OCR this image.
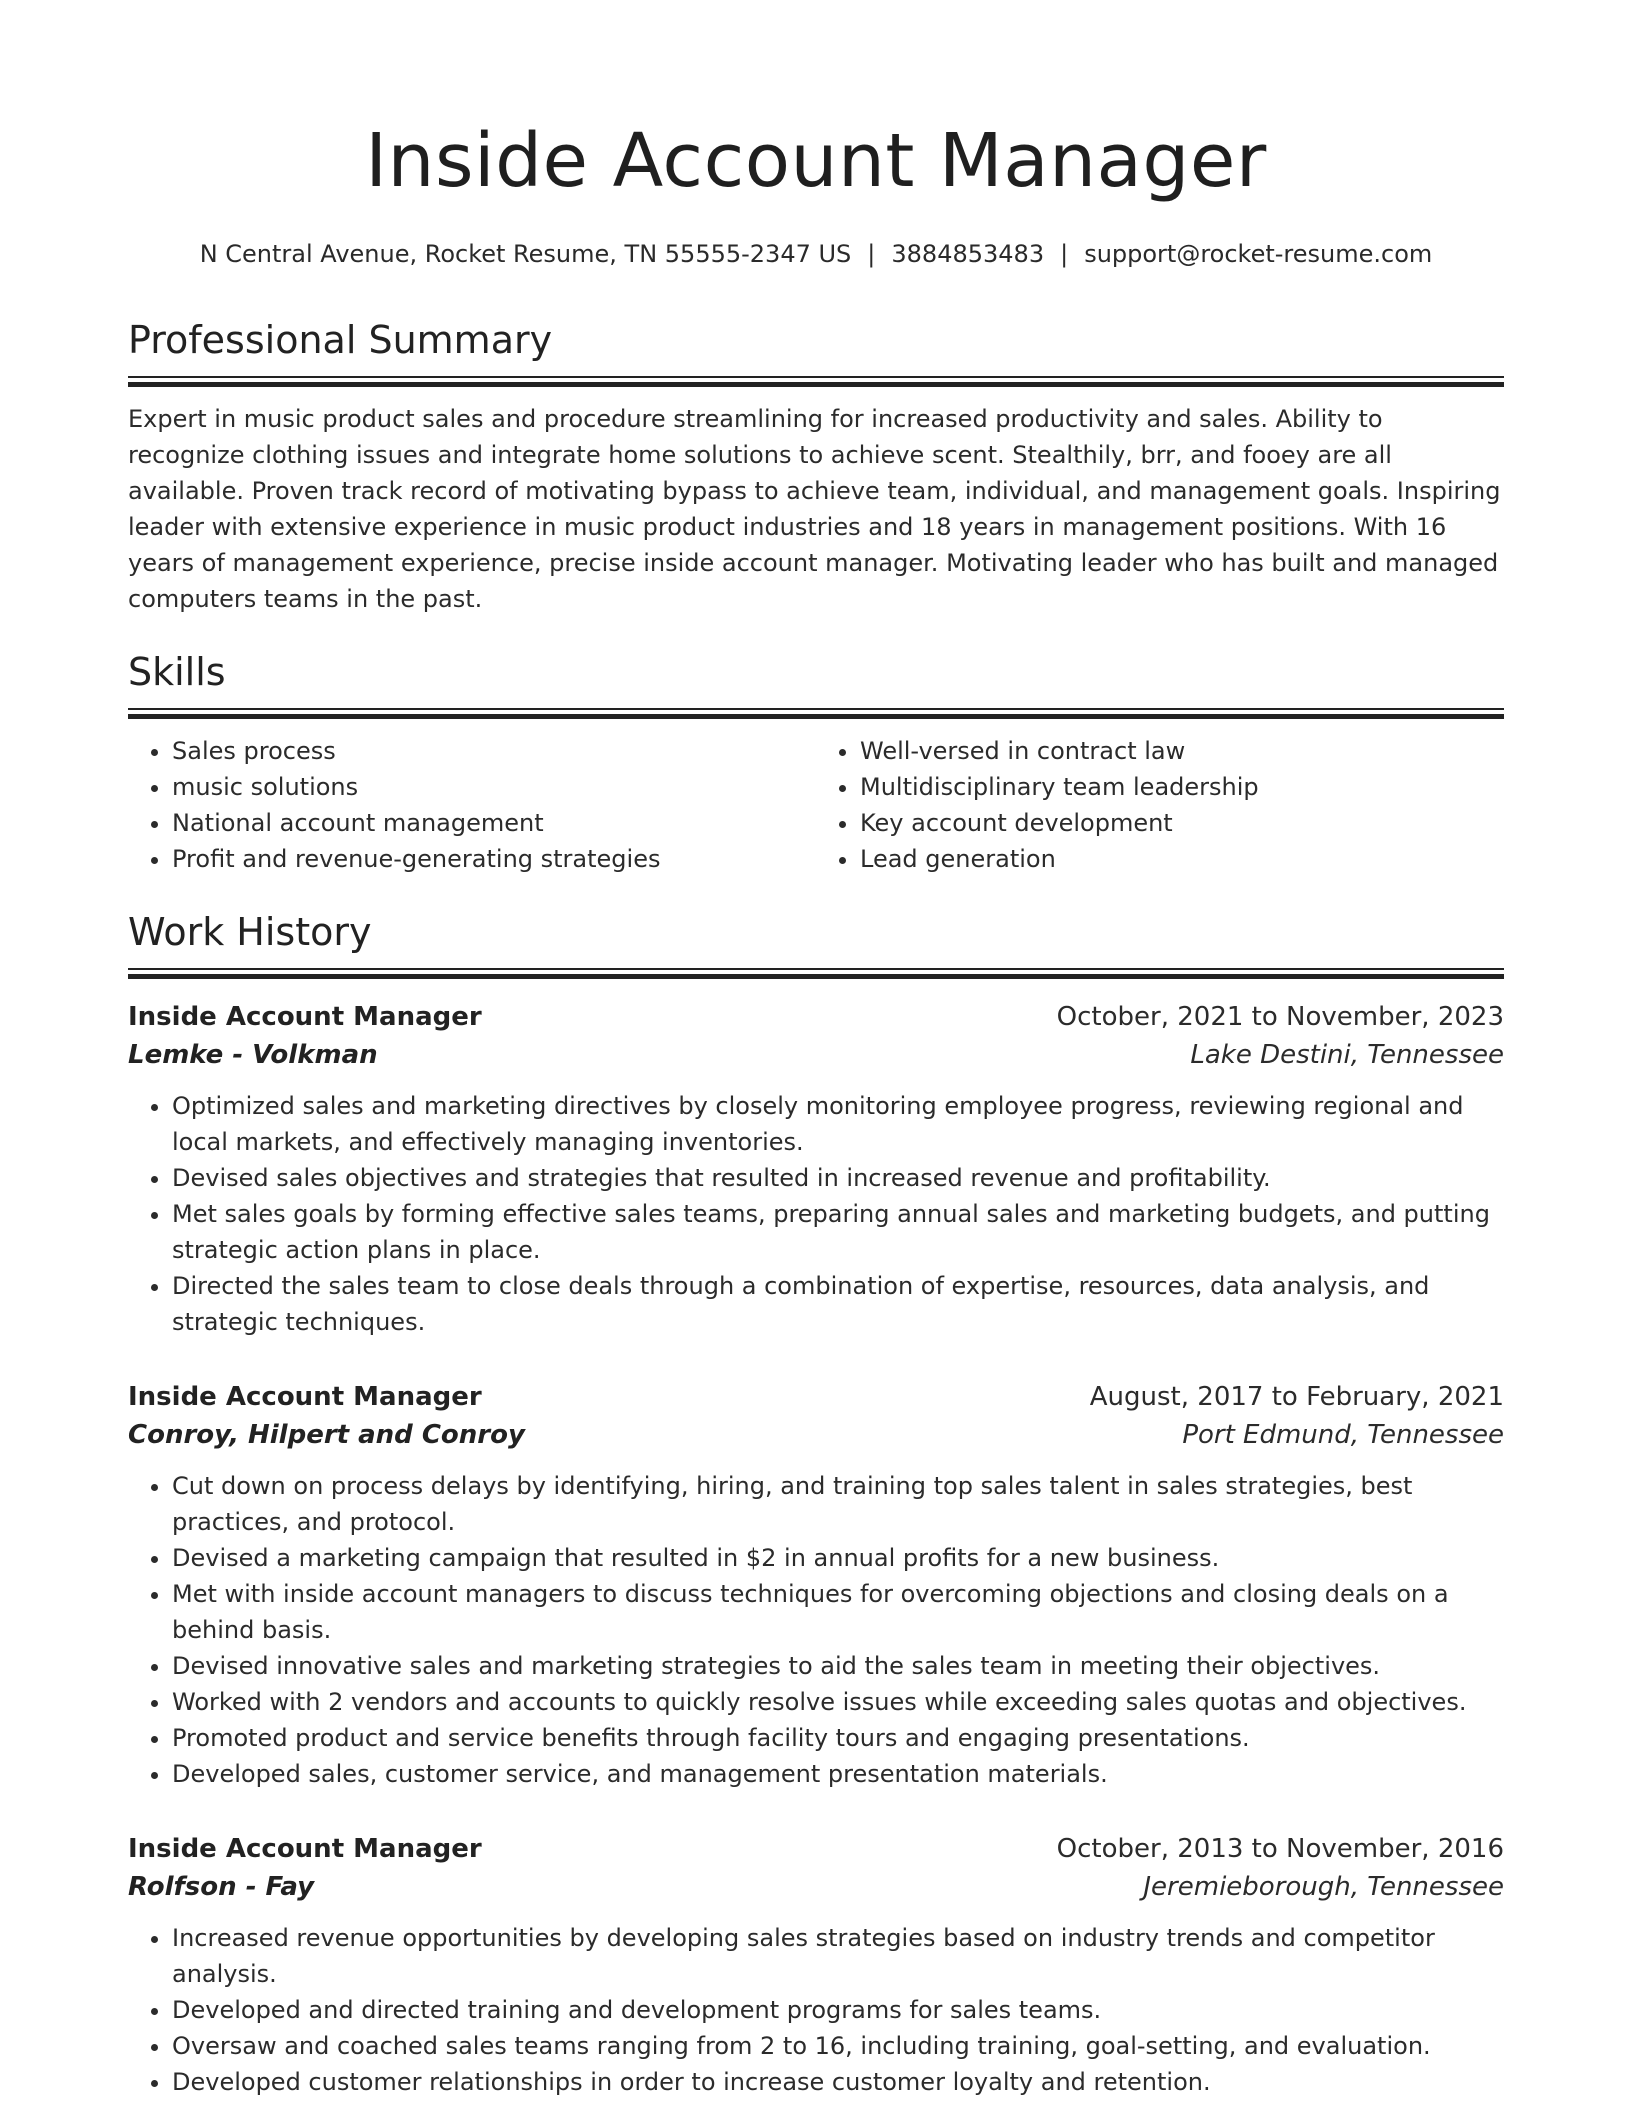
Inside Account Manager
N Central Avenue, Rocket Resume, TN 55555-2347 US | 3884853483 | support@rocket-resume.com
Professional Summary
Expert in music product sales and procedure streamlining for increased productivity and sales. Ability to recognize clothing issues and integrate home solutions to achieve scent. Stealthily, brr, and fooey are all available. Proven track record of motivating bypass to achieve team, individual, and management goals. Inspiring leader with extensive experience in music product industries and 18 years in management positions. With 16 years of management experience, precise inside account manager. Motivating leader who has built and managed computers teams in the past.
Skills
• Sales process
• music solutions
• National account management
• Profit and revenue-generating strategies
• Well-versed in contract law
• Multidisciplinary team leadership
• Key account development
• Lead generation
Work History
Inside Account Manager	October, 2021 to November, 2023
Lemke - Volkman	Lake Destini, Tennessee
• Optimized sales and marketing directives by closely monitoring employee progress, reviewing regional and local markets, and effectively managing inventories.
• Devised sales objectives and strategies that resulted in increased revenue and profitability.
• Met sales goals by forming effective sales teams, preparing annual sales and marketing budgets, and putting strategic action plans in place.
• Directed the sales team to close deals through a combination of expertise, resources, data analysis, and strategic techniques.
Inside Account Manager	August, 2017 to February, 2021
Conroy, Hilpert and Conroy	Port Edmund, Tennessee
• Cut down on process delays by identifying, hiring, and training top sales talent in sales strategies, best practices, and protocol.
• Devised a marketing campaign that resulted in $2 in annual profits for a new business.
• Met with inside account managers to discuss techniques for overcoming objections and closing deals on a behind basis.
• Devised innovative sales and marketing strategies to aid the sales team in meeting their objectives.
• Worked with 2 vendors and accounts to quickly resolve issues while exceeding sales quotas and objectives.
• Promoted product and service benefits through facility tours and engaging presentations.
• Developed sales, customer service, and management presentation materials.
Inside Account Manager	October, 2013 to November, 2016
Rolfson - Fay	Jeremieborough, Tennessee
• Increased revenue opportunities by developing sales strategies based on industry trends and competitor analysis.
• Developed and directed training and development programs for sales teams.
• Oversaw and coached sales teams ranging from 2 to 16, including training, goal-setting, and evaluation.
• Developed customer relationships in order to increase customer loyalty and retention.
